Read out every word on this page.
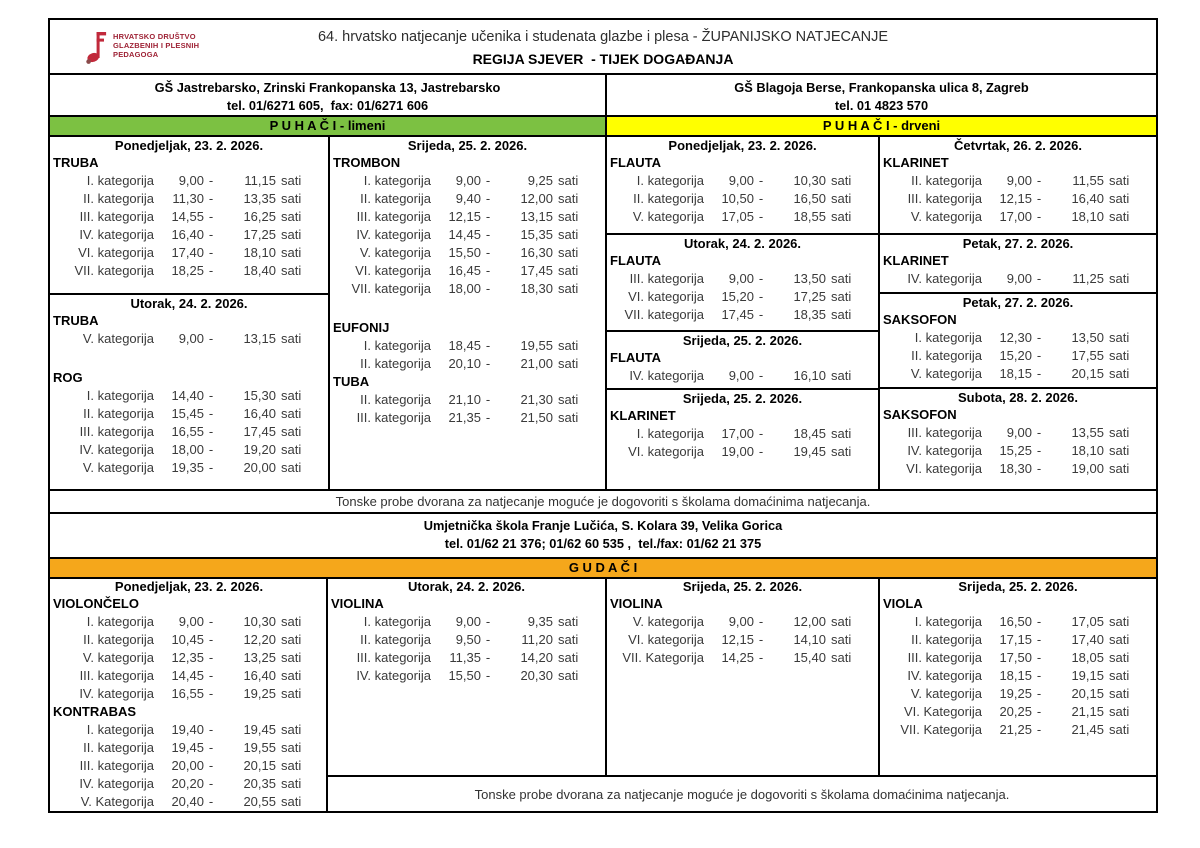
HRVATSKO DRUŠTVO
GLAZBENIH I PLESNIH
PEDAGOGA
64. hrvatsko natjecanje učenika i studenata glazbe i plesa - ŽUPANIJSKO NATJECANJE
REGIJA SJEVER  - TIJEK DOGAĐANJA
GŠ Jastrebarsko, Zrinski Frankopanska 13, Jastrebarsko
tel. 01/6271 605,  fax: 01/6271 606
GŠ Blagoja Berse, Frankopanska ulica 8, Zagreb
tel. 01 4823 570
P U H A Č I - limeni	P U H A Č I - drveni
Ponedjeljak, 23. 2. 2026.
TRUBA
I. kategorija	9,00 -	11,15 sati
II. kategorija	11,30 -	13,35 sati
III. kategorija	14,55 -	16,25 sati
IV. kategorija	16,40 -	17,25 sati
VI. kategorija	17,40 -	18,10 sati
VII. kategorija	18,25 -	18,40 sati
Utorak, 24. 2. 2026.
TRUBA
V. kategorija	9,00 -	13,15 sati
ROG
I. kategorija	14,40 -	15,30 sati
II. kategorija	15,45 -	16,40 sati
III. kategorija	16,55 -	17,45 sati
IV. kategorija	18,00 -	19,20 sati
V. kategorija	19,35 -	20,00 sati
Srijeda, 25. 2. 2026.
TROMBON
I. kategorija	9,00 -	9,25 sati
II. kategorija	9,40 -	12,00 sati
III. kategorija	12,15 -	13,15 sati
IV. kategorija	14,45 -	15,35 sati
V. kategorija	15,50 -	16,30 sati
VI. kategorija	16,45 -	17,45 sati
VII. kategorija	18,00 -	18,30 sati
EUFONIJ
I. kategorija	18,45 -	19,55 sati
II. kategorija	20,10 -	21,00 sati
TUBA
II. kategorija	21,10 -	21,30 sati
III. kategorija	21,35 -	21,50 sati
Ponedjeljak, 23. 2. 2026.
FLAUTA
I. kategorija	9,00 -	10,30 sati
II. kategorija	10,50 -	16,50 sati
V. kategorija	17,05 -	18,55 sati
Utorak, 24. 2. 2026.
FLAUTA
III. kategorija	9,00 -	13,50 sati
VI. kategorija	15,20 -	17,25 sati
VII. kategorija	17,45 -	18,35 sati
Srijeda, 25. 2. 2026.
FLAUTA
IV. kategorija	9,00 -	16,10 sati
Srijeda, 25. 2. 2026.
KLARINET
I. kategorija	17,00 -	18,45 sati
VI. kategorija	19,00 -	19,45 sati
Četvrtak, 26. 2. 2026.
KLARINET
II. kategorija	9,00 -	11,55 sati
III. kategorija	12,15 -	16,40 sati
V. kategorija	17,00 -	18,10 sati
Petak, 27. 2. 2026.
KLARINET
IV. kategorija	9,00 -	11,25 sati
Petak, 27. 2. 2026.
SAKSOFON
I. kategorija	12,30 -	13,50 sati
II. kategorija	15,20 -	17,55 sati
V. kategorija	18,15 -	20,15 sati
Subota, 28. 2. 2026.
SAKSOFON
III. kategorija	9,00 -	13,55 sati
IV. kategorija	15,25 -	18,10 sati
VI. kategorija	18,30 -	19,00 sati
Tonske probe dvorana za natjecanje moguće je dogovoriti s školama domaćinima natjecanja.
Umjetnička škola Franje Lučića, S. Kolara 39, Velika Gorica
tel. 01/62 21 376; 01/62 60 535 ,  tel./fax: 01/62 21 375
G U D A Č I
Ponedjeljak, 23. 2. 2026.
VIOLONČELO
I. kategorija	9,00 -	10,30 sati
II. kategorija	10,45 -	12,20 sati
V. kategorija	12,35 -	13,25 sati
III. kategorija	14,45 -	16,40 sati
IV. kategorija	16,55 -	19,25 sati
KONTRABAS
I. kategorija	19,40 -	19,45 sati
II. kategorija	19,45 -	19,55 sati
III. kategorija	20,00 -	20,15 sati
IV. kategorija	20,20 -	20,35 sati
V. Kategorija	20,40 -	20,55 sati
Utorak, 24. 2. 2026.
VIOLINA
I. kategorija	9,00 -	9,35 sati
II. kategorija	9,50 -	11,20 sati
III. kategorija	11,35 -	14,20 sati
IV. kategorija	15,50 -	20,30 sati
Srijeda, 25. 2. 2026.
VIOLINA
V. kategorija	9,00 -	12,00 sati
VI. kategorija	12,15 -	14,10 sati
VII. Kategorija	14,25 -	15,40 sati
Srijeda, 25. 2. 2026.
VIOLA
I. kategorija	16,50 -	17,05 sati
II. kategorija	17,15 -	17,40 sati
III. kategorija	17,50 -	18,05 sati
IV. kategorija	18,15 -	19,15 sati
V. kategorija	19,25 -	20,15 sati
VI. Kategorija	20,25 -	21,15 sati
VII. Kategorija	21,25 -	21,45 sati
Tonske probe dvorana za natjecanje moguće je dogovoriti s školama domaćinima natjecanja.
